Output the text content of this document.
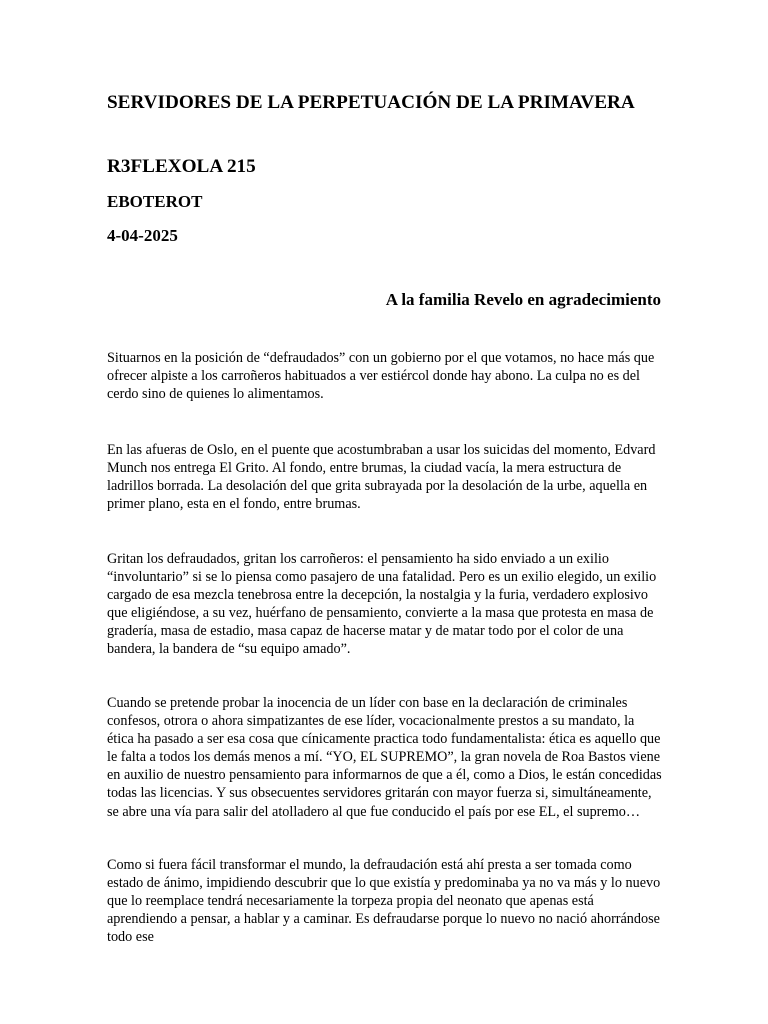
SERVIDORES DE LA PERPETUACIÓN DE LA PRIMAVERA
R3FLEXOLA 215
EBOTEROT
4-04-2025
A la familia Revelo en agradecimiento

Situarnos en la posición de “defraudados” con un gobierno por el que votamos, no hace más que ofrecer alpiste a los carroñeros habituados a ver estiércol donde hay abono. La culpa no es del cerdo sino de quienes lo alimentamos.

En las afueras de Oslo, en el puente que acostumbraban a usar los suicidas del momento, Edvard Munch nos entrega El Grito. Al fondo, entre brumas, la ciudad vacía, la mera estructura de ladrillos borrada. La desolación del que grita subrayada por la desolación de la urbe, aquella en primer plano, esta en el fondo, entre brumas.

Gritan los defraudados, gritan los carroñeros: el pensamiento ha sido enviado a un exilio “involuntario” si se lo piensa como pasajero de una fatalidad. Pero es un exilio elegido, un exilio cargado de esa mezcla tenebrosa entre la decepción, la nostalgia y la furia, verdadero explosivo que eligiéndose, a su vez, huérfano de pensamiento, convierte a la masa que protesta en masa de gradería, masa de estadio, masa capaz de hacerse matar y de matar todo por el color de una bandera, la bandera de “su equipo amado”.

Cuando se pretende probar la inocencia de un líder con base en la declaración de criminales confesos, otrora o ahora simpatizantes de ese líder, vocacionalmente prestos a su mandato, la ética ha pasado a ser esa cosa que cínicamente practica todo fundamentalista: ética es aquello que le falta a todos los demás menos a mí. “YO, EL SUPREMO”, la gran novela de Roa Bastos viene en auxilio de nuestro pensamiento para informarnos de que a él, como a Dios, le están concedidas todas las licencias. Y sus obsecuentes servidores gritarán con mayor fuerza si, simultáneamente, se abre una vía para salir del atolladero al que fue conducido el país por ese EL, el supremo…

Como si fuera fácil transformar el mundo, la defraudación está ahí presta a ser tomada como estado de ánimo, impidiendo descubrir que lo que existía y predominaba ya no va más y lo nuevo que lo reemplace tendrá necesariamente la torpeza propia del neonato que apenas está aprendiendo a pensar, a hablar y a caminar. Es defraudarse porque lo nuevo no nació ahorrándose todo ese
